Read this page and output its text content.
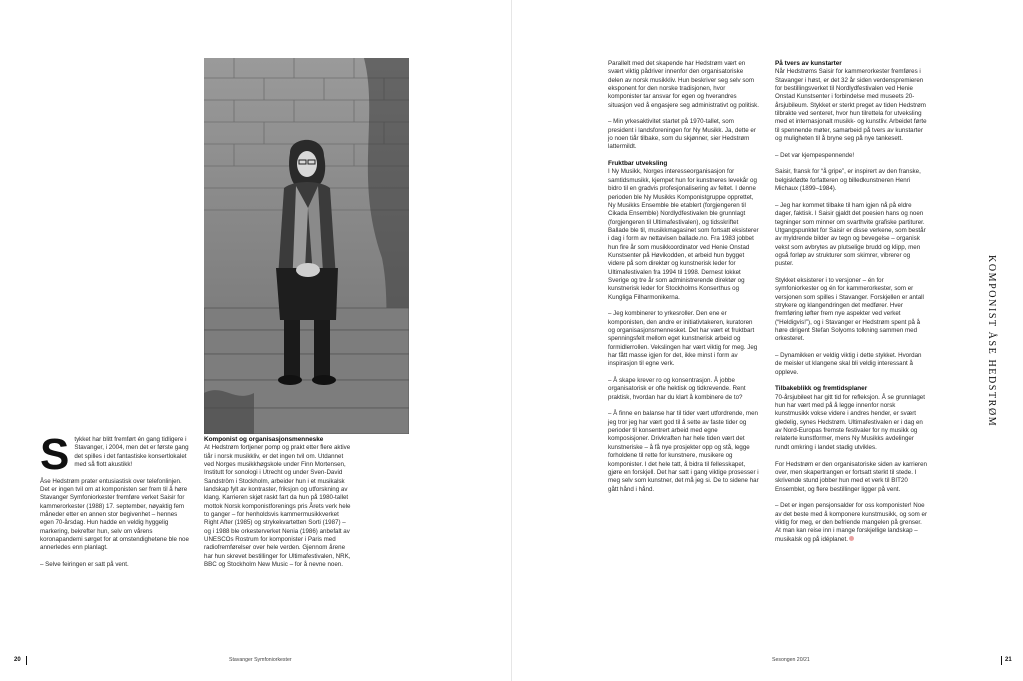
S tykket har blitt fremført én gang tidligere i Stavanger, i 2004, men det er første gang det spilles i det fantastiske konsertlokalet med så flott akustikk!

Åse Hedstrøm prater entusiastisk over telefonlinjen. Det er ingen tvil om at komponisten ser frem til å høre Stavanger Symfoniorkester fremføre verket Saisir for kammerorkester (1988) 17. september, nøyaktig fem måneder etter en annen stor begivenhet – hennes egen 70-årsdag. Hun hadde en veldig hyggelig markering, bekrefter hun, selv om vårens koronapandemi sørget for at omstendighetene ble noe annerledes enn planlagt.

– Selve feiringen er satt på vent.

Komponist og organisasjonsmenneske

At Hedstrøm fortjener pomp og prakt etter flere aktive tiår i norsk musikkliv, er det ingen tvil om. Utdannet ved Norges musikkhøgskole under Finn Mortensen, Institutt for sonologi i Utrecht og under Sven-David Sandström i Stockholm, arbeider hun i et musikalsk landskap fylt av kontraster, friksjon og utforskning av klang. Karrieren skjøt raskt fart da hun på 1980-tallet mottok Norsk komponistforenings pris Årets verk hele to ganger – for henholdsvis kammermusikkverket Right After (1985) og strykekvartetten Sorti (1987) – og i 1988 ble orkesterverket Nenia (1986) anbefalt av UNESCOs Rostrum for komponister i Paris med radiofremførelser over hele verden. Gjennom årene har hun skrevet bestillinger for Ultimafestivalen, NRK, BBC og Stockholm New Music – for å nevne noen.

20	Stavanger Symfoniorkester

Parallelt med det skapende har Hedstrøm vært en svært viktig pådriver innenfor den organisatoriske delen av norsk musikkliv. Hun beskriver seg selv som eksponent for den norske tradisjonen, hvor komponister tar ansvar for egen og hverandres situasjon ved å engasjere seg administrativt og politisk.

– Min yrkesaktivitet startet på 1970-tallet, som president i landsforeningen for Ny Musikk. Ja, dette er jo noen tiår tilbake, som du skjønner, sier Hedstrøm lattermildt.

Fruktbar utveksling

I Ny Musikk, Norges interesseorganisasjon for samtidsmusikk, kjempet hun for kunstneres levekår og bidro til en gradvis profesjonalisering av feltet. I denne perioden ble Ny Musikks Komponistgruppe opprettet, Ny Musikks Ensemble ble etablert (forgjengeren til Cikada Ensemble) Nordlydfestivalen ble grunnlagt (forgjengeren til Ultimafestivalen), og tidsskriftet Ballade ble til, musikkmagasinet som fortsatt eksisterer i dag i form av nettavisen ballade.no. Fra 1983 jobbet hun fire år som musikkoordinator ved Henie Onstad Kunstsenter på Høvikodden, et arbeid hun bygget videre på som direktør og kunstnerisk leder for Ultimafestivalen fra 1994 til 1998. Dernest lokket Sverige og tre år som administrerende direktør og kunstnerisk leder for Stockholms Konserthus og Kungliga Filharmonikerna.

– Jeg kombinerer to yrkesroller. Den ene er komponisten, den andre er initiativtakeren, kuratoren og organisasjonsmennesket. Det har vært et fruktbart spenningsfelt mellom eget kunstnerisk arbeid og formidlerrollen. Vekslingen har vært viktig for meg. Jeg har fått masse igjen for det, ikke minst i form av inspirasjon til egne verk.

– Å skape krever ro og konsentrasjon. Å jobbe organisatorisk er ofte hektisk og tidkrevende. Rent praktisk, hvordan har du klart å kombinere de to?

– Å finne en balanse har til tider vært utfordrende, men jeg tror jeg har vært god til å sette av faste tider og perioder til konsentrert arbeid med egne komposisjoner. Drivkraften har hele tiden vært det kunstneriske – å få nye prosjekter opp og stå, legge forholdene til rette for kunstnere, musikere og komponister. I det hele tatt, å bidra til fellesskapet, gjøre en forskjell. Det har satt i gang viktige prosesser i meg selv som kunstner, det må jeg si. De to sidene har gått hånd i hånd.

På tvers av kunstarter

Når Hedstrøms Saisir for kammerorkester fremføres i Stavanger i høst, er det 32 år siden verdenspremieren for bestillingsverket til Nordlydfestivalen ved Henie Onstad Kunstsenter i forbindelse med museets 20-årsjubileum. Stykket er sterkt preget av tiden Hedstrøm tilbrakte ved senteret, hvor hun tilrettela for utveksling med et internasjonalt musikk- og kunstliv. Arbeidet førte til spennende møter, samarbeid på tvers av kunstarter og muligheten til å bryne seg på nye tankesett.

– Det var kjempespennende!

Saisir, fransk for “å gripe”, er inspirert av den franske, belgiskfødte forfatteren og billedkunstneren Henri Michaux (1899–1984).

– Jeg har kommet tilbake til ham igjen nå på eldre dager, faktisk. I Saisir gjaldt det poesien hans og noen tegninger som minner om svarthvite grafiske partiturer. Utgangspunktet for Saisir er disse verkene, som består av myldrende bilder av tegn og bevegelse – organisk vekst som avbrytes av plutselige brudd og klipp, men også forløp av strukturer som skimrer, vibrerer og puster.

Stykket eksisterer i to versjoner – én for symfoniorkester og én for kammerorkester, som er versjonen som spilles i Stavanger. Forskjellen er antall strykere og klangendringen det medfører. Hver fremføring løfter frem nye aspekter ved verket (“Heldigvis!”), og i Stavanger er Hedstrøm spent på å høre dirigent Stefan Solyoms tolkning sammen med orkesteret.

– Dynamikken er veldig viktig i dette stykket. Hvordan de meisler ut klangene skal bli veldig interessant å oppleve.

Tilbakeblikk og fremtidsplaner

70-årsjubileet har gitt tid for refleksjon. Å se grunnlaget hun har vært med på å legge innenfor norsk kunstmusikk vokse videre i andres hender, er svært gledelig, synes Hedstrøm. Ultimafestivalen er i dag en av Nord-Europas fremste festivaler for ny musikk og relaterte kunstformer, mens Ny Musikks avdelinger rundt omkring i landet stadig utvikles.

For Hedstrøm er den organisatoriske siden av karrieren over, men skapertrangen er fortsatt sterkt til stede. I skrivende stund jobber hun med et verk til BIT20 Ensemblet, og flere bestillinger ligger på vent.

– Det er ingen pensjonsalder for oss komponister! Noe av det beste med å komponere kunstmusikk, og som er viktig for meg, er den befriende mangelen på grenser. At man kan reise inn i mange forskjellige landskap – musikalsk og på idéplanet.

KOMPONIST ÅSE HEDSTRØM
Sesongen 20/21	21
